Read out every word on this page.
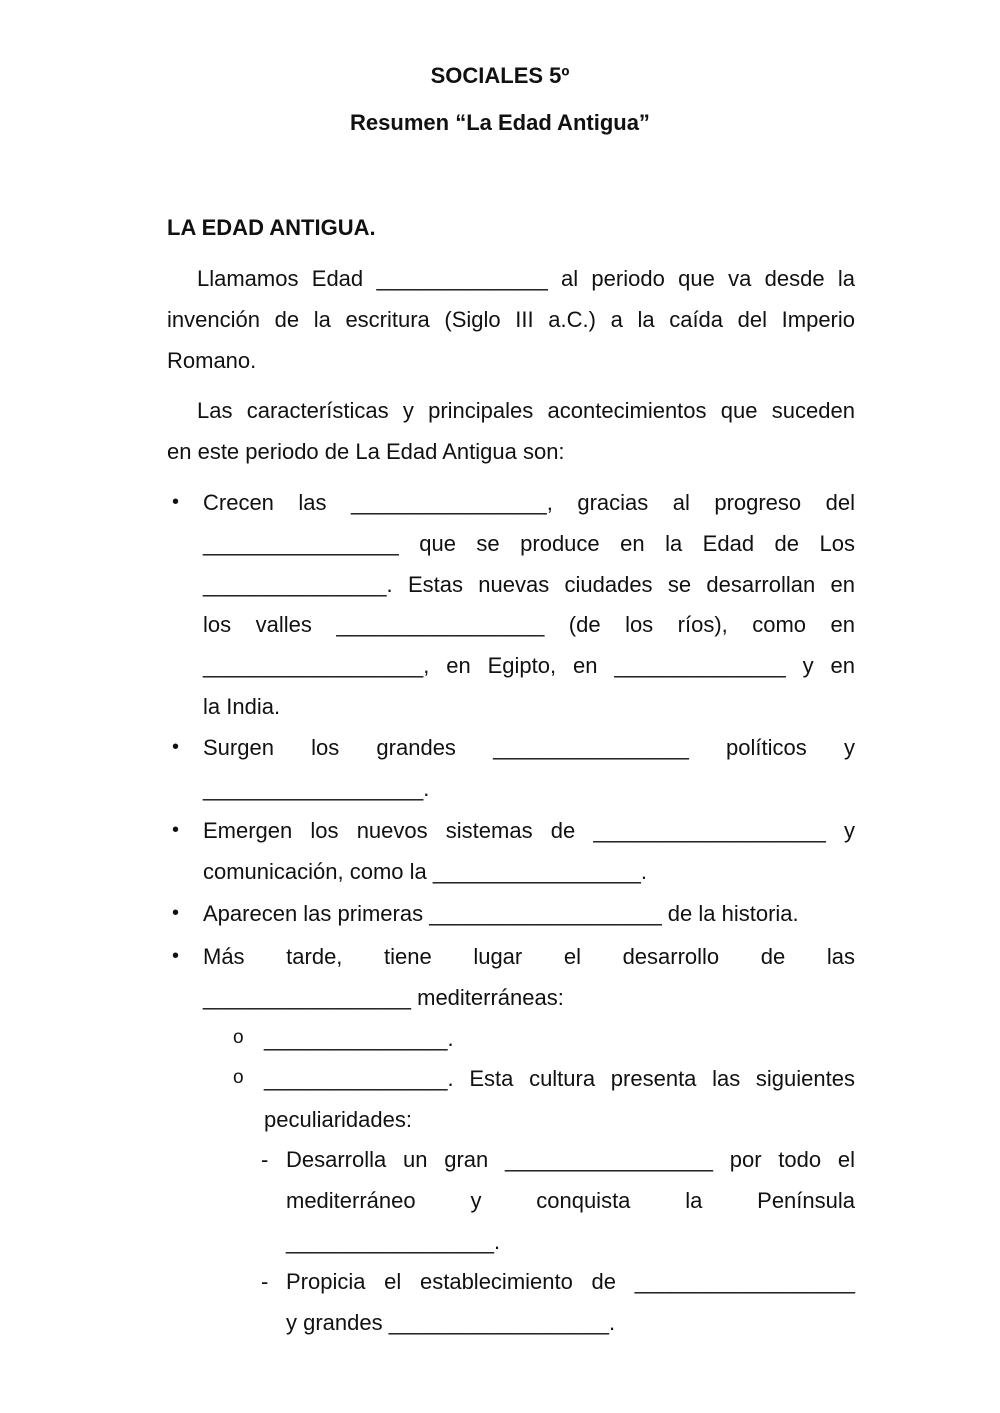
SOCIALES 5º
Resumen “La Edad Antigua”
LA EDAD ANTIGUA.
Llamamos Edad ______________ al periodo que va desde la
invención de la escritura (Siglo III a.C.) a la caída del Imperio
Romano.
Las características y principales acontecimientos que suceden
en este periodo de La Edad Antigua son:
• Crecen las ________________, gracias al progreso del
________________ que se produce en la Edad de Los
_______________. Estas nuevas ciudades se desarrollan en
los valles _________________ (de los ríos), como en
__________________, en Egipto, en ______________ y en
la India.
• Surgen los grandes ________________ políticos y
__________________.
• Emergen los nuevos sistemas de ___________________ y
comunicación, como la _________________.
• Aparecen las primeras ___________________ de la historia.
• Más tarde, tiene lugar el desarrollo de las
_________________ mediterráneas:
o _______________.
o _______________. Esta cultura presenta las siguientes
peculiaridades:
- Desarrolla un gran _________________ por todo el
mediterráneo y conquista la Península
_________________.
- Propicia el establecimiento de __________________
y grandes __________________.
